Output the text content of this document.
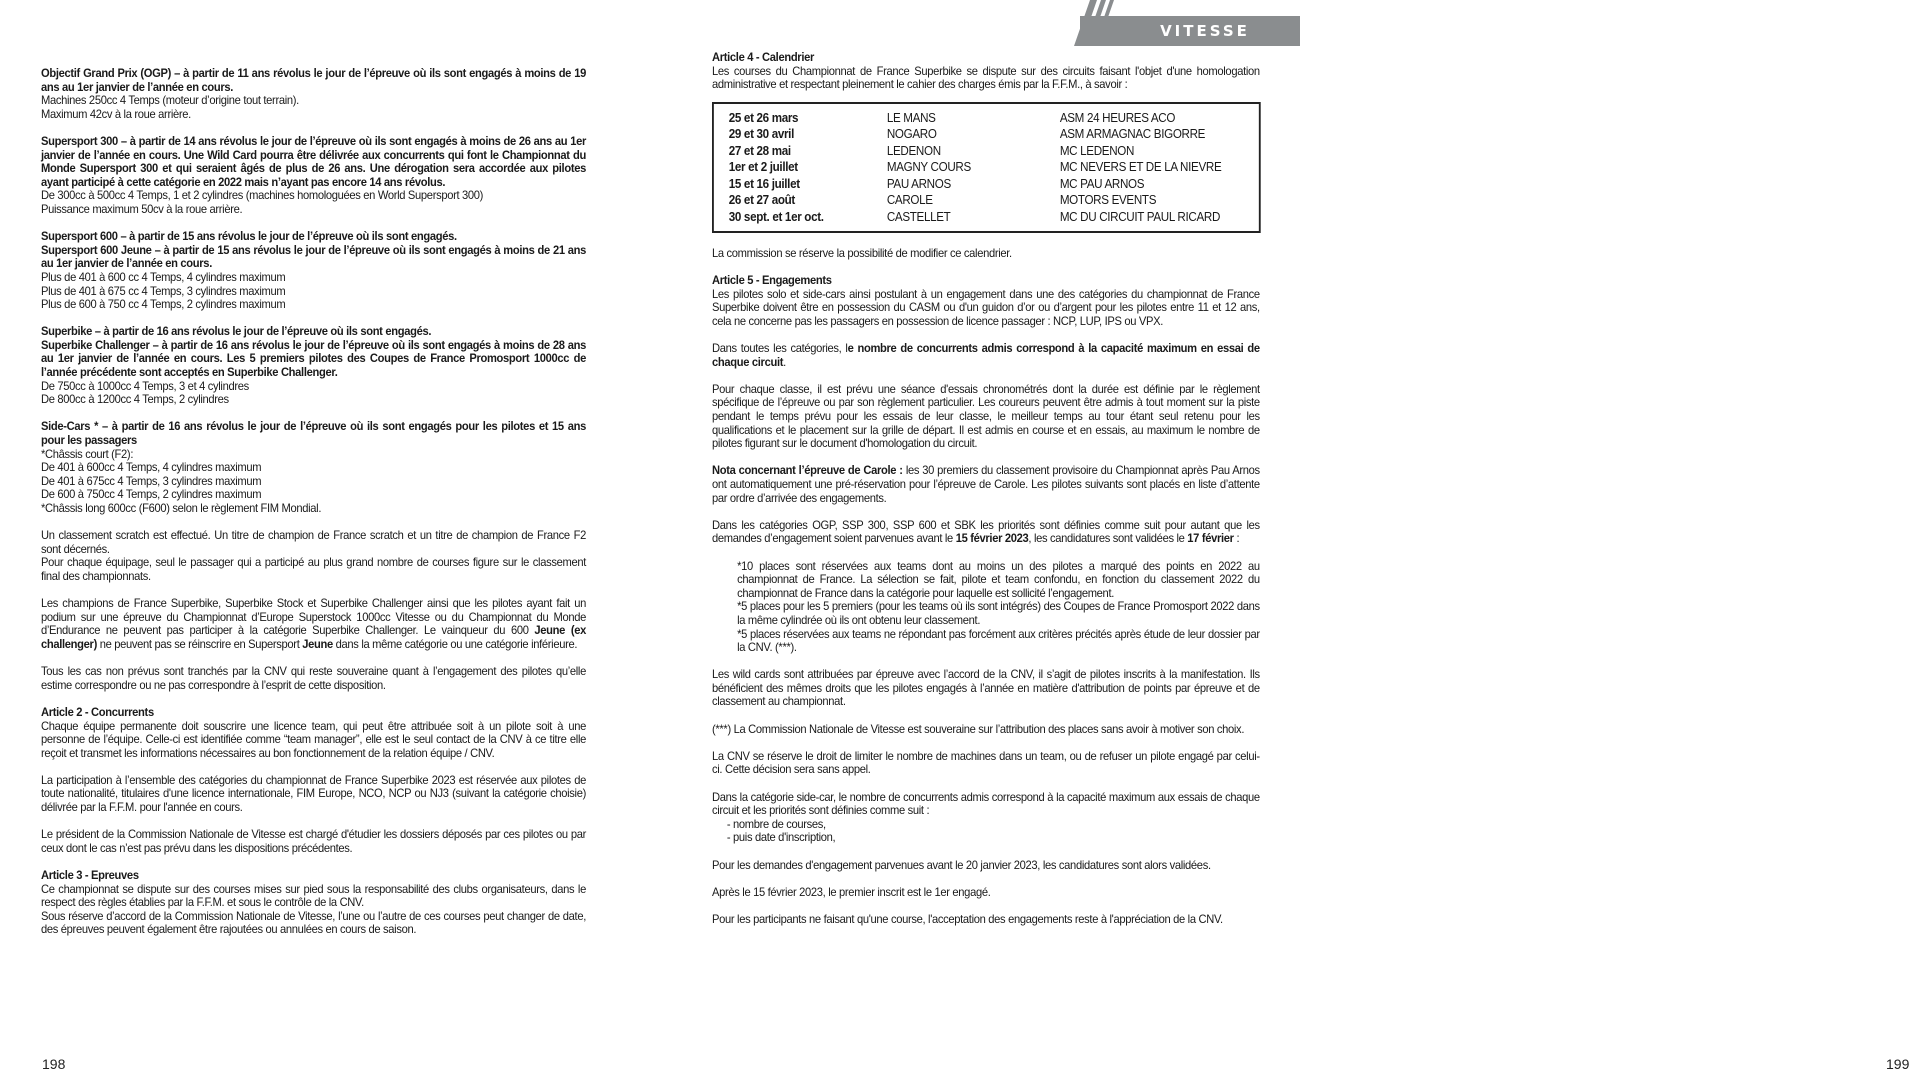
VITESSE

Objectif Grand Prix (OGP) – à partir de 11 ans révolus le jour de l’épreuve où ils sont engagés à moins de 19 ans au 1er janvier de l’année en cours.

Machines 250cc 4 Temps (moteur d’origine tout terrain).

Maximum 42cv à la roue arrière.

Supersport 300 – à partir de 14 ans révolus le jour de l’épreuve où ils sont engagés à moins de 26 ans au 1er janvier de l’année en cours. Une Wild Card pourra être délivrée aux concurrents qui font le Championnat du Monde Supersport 300 et qui seraient âgés de plus de 26 ans. Une dérogation sera accordée aux pilotes ayant participé à cette catégorie en 2022 mais n’ayant pas encore 14 ans révolus.

De 300cc à 500cc 4 Temps, 1 et 2 cylindres (machines homologuées en World Supersport 300)

Puissance maximum 50cv à la roue arrière.

Supersport 600 – à partir de 15 ans révolus le jour de l’épreuve où ils sont engagés.

Supersport 600 Jeune – à partir de 15 ans révolus le jour de l’épreuve où ils sont engagés à moins de 21 ans au 1er janvier de l’année en cours.

Plus de 401 à 600 cc 4 Temps, 4 cylindres maximum

Plus de 401 à 675 cc 4 Temps, 3 cylindres maximum

Plus de 600 à 750 cc 4 Temps, 2 cylindres maximum

Superbike – à partir de 16 ans révolus le jour de l’épreuve où ils sont engagés.

Superbike Challenger – à partir de 16 ans révolus le jour de l’épreuve où ils sont engagés à moins de 28 ans au 1er janvier de l’année en cours. Les 5 premiers pilotes des Coupes de France Promosport 1000cc de l’année précédente sont acceptés en Superbike Challenger.

De 750cc à 1000cc 4 Temps, 3 et 4 cylindres

De 800cc à 1200cc 4 Temps, 2 cylindres

Side-Cars * – à partir de 16 ans révolus le jour de l’épreuve où ils sont engagés pour les pilotes et 15 ans pour les passagers

*Châssis court (F2):

De 401 à 600cc 4 Temps, 4 cylindres maximum

De 401 à 675cc 4 Temps, 3 cylindres maximum

De 600 à 750cc 4 Temps, 2 cylindres maximum

*Châssis long 600cc (F600) selon le règlement FIM Mondial.

Un classement scratch est effectué. Un titre de champion de France scratch et un titre de champion de France F2 sont décernés.

Pour chaque équipage, seul le passager qui a participé au plus grand nombre de courses figure sur le classement final des championnats.

Les champions de France Superbike, Superbike Stock et Superbike Challenger ainsi que les pilotes ayant fait un podium sur une épreuve du Championnat d’Europe Superstock 1000cc Vitesse ou du Championnat du Monde d’Endurance ne peuvent pas participer à la catégorie Superbike Challenger. Le vainqueur du 600 Jeune (ex challenger) ne peuvent pas se réinscrire en Supersport Jeune dans la même catégorie ou une catégorie inférieure.

Tous les cas non prévus sont tranchés par la CNV qui reste souveraine quant à l’engagement des pilotes qu’elle estime correspondre ou ne pas correspondre à l’esprit de cette disposition.

Article 2 - Concurrents

Chaque équipe permanente doit souscrire une licence team, qui peut être attribuée soit à un pilote soit à une personne de l’équipe. Celle-ci est identifiée comme “team manager”, elle est le seul contact de la CNV à ce titre elle reçoit et transmet les informations nécessaires au bon fonctionnement de la relation équipe / CNV.

La participation à l’ensemble des catégories du championnat de France Superbike 2023 est réservée aux pilotes de toute nationalité, titulaires d'une licence internationale, FIM Europe, NCO, NCP ou NJ3 (suivant la catégorie choisie) délivrée par la F.F.M. pour l'année en cours.

Le président de la Commission Nationale de Vitesse est chargé d'étudier les dossiers déposés par ces pilotes ou par ceux dont le cas n’est pas prévu dans les dispositions précédentes.

Article 3 - Epreuves

Ce championnat se dispute sur des courses mises sur pied sous la responsabilité des clubs organisateurs, dans le respect des règles établies par la F.F.M. et sous le contrôle de la CNV.

Sous réserve d’accord de la Commission Nationale de Vitesse, l’une ou l’autre de ces courses peut changer de date, des épreuves peuvent également être rajoutées ou annulées en cours de saison.

198

Article 4 - Calendrier

Les courses du Championnat de France Superbike se dispute sur des circuits faisant l'objet d'une homologation administrative et respectant pleinement le cahier des charges émis par la F.F.M., à savoir :

25 et 26 mars	LE MANS	ASM 24 HEURES ACO
29 et 30 avril	NOGARO	ASM ARMAGNAC BIGORRE
27 et 28 mai	LEDENON	MC LEDENON
1er et 2 juillet	MAGNY COURS	MC NEVERS ET DE LA NIEVRE
15 et 16 juillet	PAU ARNOS	MC PAU ARNOS
26 et 27 août	CAROLE	MOTORS EVENTS
30 sept. et 1er oct.	CASTELLET	MC DU CIRCUIT PAUL RICARD

La commission se réserve la possibilité de modifier ce calendrier.

Article 5 - Engagements

Les pilotes solo et side-cars ainsi postulant à un engagement dans une des catégories du championnat de France Superbike doivent être en possession du CASM ou d'un guidon d’or ou d’argent pour les pilotes entre 11 et 12 ans, cela ne concerne pas les passagers en possession de licence passager : NCP, LUP, IPS ou VPX.

Dans toutes les catégories, le nombre de concurrents admis correspond à la capacité maximum en essai de chaque circuit.

Pour chaque classe, il est prévu une séance d'essais chronométrés dont la durée est définie par le règlement spécifique de l’épreuve ou par son règlement particulier. Les coureurs peuvent être admis à tout moment sur la piste pendant le temps prévu pour les essais de leur classe, le meilleur temps au tour étant seul retenu pour les qualifications et le placement sur la grille de départ. Il est admis en course et en essais, au maximum le nombre de pilotes figurant sur le document d'homologation du circuit.

Nota concernant l’épreuve de Carole : les 30 premiers du classement provisoire du Championnat après Pau Arnos ont automatiquement une pré-réservation pour l’épreuve de Carole. Les pilotes suivants sont placés en liste d’attente par ordre d’arrivée des engagements.

Dans les catégories OGP, SSP 300, SSP 600 et SBK les priorités sont définies comme suit pour autant que les demandes d’engagement soient parvenues avant le 15 février 2023, les candidatures sont validées le 17 février :

*10 places sont réservées aux teams dont au moins un des pilotes a marqué des points en 2022 au championnat de France. La sélection se fait, pilote et team confondu, en fonction du classement 2022 du championnat de France dans la catégorie pour laquelle est sollicité l’engagement.

*5 places pour les 5 premiers (pour les teams où ils sont intégrés) des Coupes de France Promosport 2022 dans la même cylindrée où ils ont obtenu leur classement.

*5 places réservées aux teams ne répondant pas forcément aux critères précités après étude de leur dossier par la CNV. (***).

Les wild cards sont attribuées par épreuve avec l’accord de la CNV, il s’agit de pilotes inscrits à la manifestation. Ils bénéficient des mêmes droits que les pilotes engagés à l’année en matière d'attribution de points par épreuve et de classement au championnat.

(***) La Commission Nationale de Vitesse est souveraine sur l’attribution des places sans avoir à motiver son choix.

La CNV se réserve le droit de limiter le nombre de machines dans un team, ou de refuser un pilote engagé par celui-ci. Cette décision sera sans appel.

Dans la catégorie side-car, le nombre de concurrents admis correspond à la capacité maximum aux essais de chaque circuit et les priorités sont définies comme suit :

- nombre de courses,

- puis date d'inscription,

Pour les demandes d'engagement parvenues avant le 20 janvier 2023, les candidatures sont alors validées.

Après le 15 février 2023, le premier inscrit est le 1er engagé.

Pour les participants ne faisant qu'une course, l'acceptation des engagements reste à l'appréciation de la CNV.

199
